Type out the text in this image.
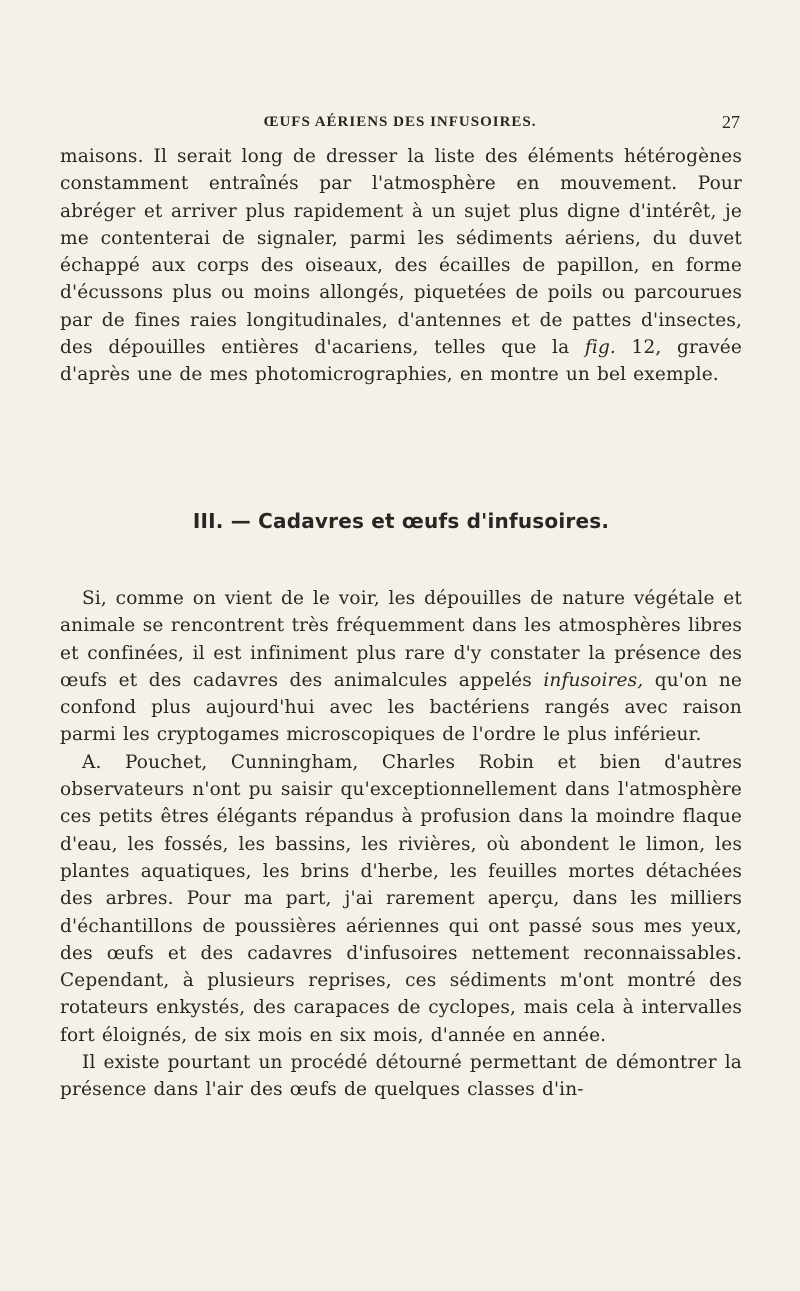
ŒUFS AÉRIENS DES INFUSOIRES.	27

maisons. Il serait long de dresser la liste des éléments hétérogènes constamment entraînés par l'atmosphère en mouvement. Pour abréger et arriver plus rapidement à un sujet plus digne d'intérêt, je me contenterai de signaler, parmi les sédiments aériens, du duvet échappé aux corps des oiseaux, des écailles de papillon, en forme d'écussons plus ou moins allongés, piquetées de poils ou parcourues par de fines raies longitudinales, d'antennes et de pattes d'insectes, des dépouilles entières d'acariens, telles que la fig. 12, gravée d'après une de mes photomicrographies, en montre un bel exemple.

III. — Cadavres et œufs d'infusoires.

Si, comme on vient de le voir, les dépouilles de nature végétale et animale se rencontrent très fréquemment dans les atmosphères libres et confinées, il est infiniment plus rare d'y constater la présence des œufs et des cadavres des animalcules appelés infusoires, qu'on ne confond plus aujourd'hui avec les bactériens rangés avec raison parmi les cryptogames microscopiques de l'ordre le plus inférieur.

A. Pouchet, Cunningham, Charles Robin et bien d'autres observateurs n'ont pu saisir qu'exceptionnellement dans l'atmosphère ces petits êtres élégants répandus à profusion dans la moindre flaque d'eau, les fossés, les bassins, les rivières, où abondent le limon, les plantes aquatiques, les brins d'herbe, les feuilles mortes détachées des arbres. Pour ma part, j'ai rarement aperçu, dans les milliers d'échantillons de poussières aériennes qui ont passé sous mes yeux, des œufs et des cadavres d'infusoires nettement reconnaissables. Cependant, à plusieurs reprises, ces sédiments m'ont montré des rotateurs enkystés, des carapaces de cyclopes, mais cela à intervalles fort éloignés, de six mois en six mois, d'année en année.

Il existe pourtant un procédé détourné permettant de démontrer la présence dans l'air des œufs de quelques classes d'in-
